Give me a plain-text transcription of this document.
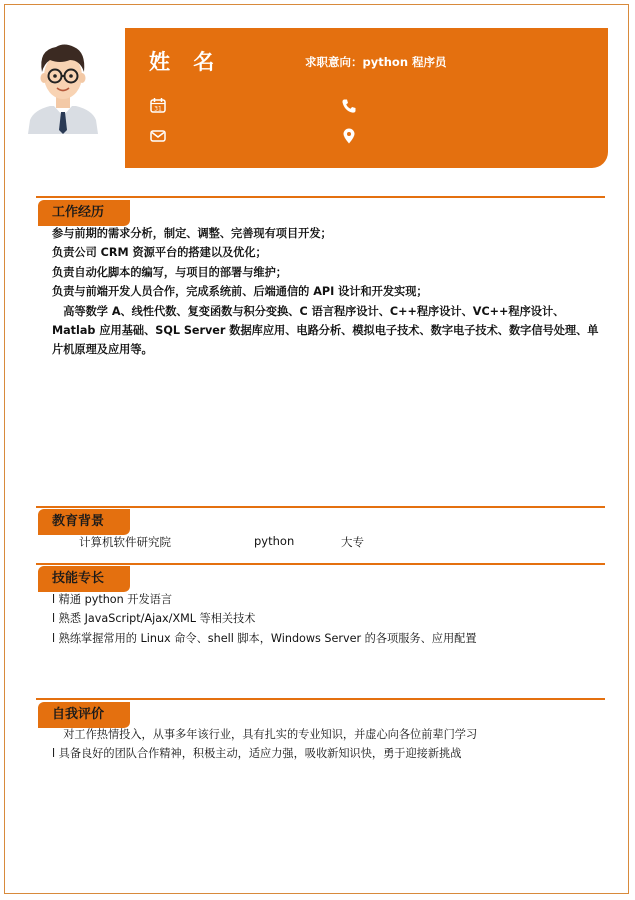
姓 名	求职意向：python 程序员
31
工作经历

参与前期的需求分析，制定、调整、完善现有项目开发；

负责公司 CRM 资源平台的搭建以及优化；

负责自动化脚本的编写，与项目的部署与维护；

负责与前端开发人员合作，完成系统前、后端通信的 API 设计和开发实现；

　高等数学 A、线性代数、复变函数与积分变换、C 语言程序设计、C++程序设计、VC++程序设计、Matlab 应用基础、SQL Server 数据库应用、电路分析、模拟电子技术、数字电子技术、数字信号处理、单片机原理及应用等。

教育背景
计算机软件研究院	python	大专
技能专长

l 精通 python 开发语言

l 熟悉 JavaScript/Ajax/XML 等相关技术

l 熟练掌握常用的 Linux 命令、shell 脚本，Windows Server 的各项服务、应用配置

自我评价

　对工作热情投入，从事多年该行业，具有扎实的专业知识，并虚心向各位前辈门学习

l 具备良好的团队合作精神，积极主动，适应力强，吸收新知识快，勇于迎接新挑战
